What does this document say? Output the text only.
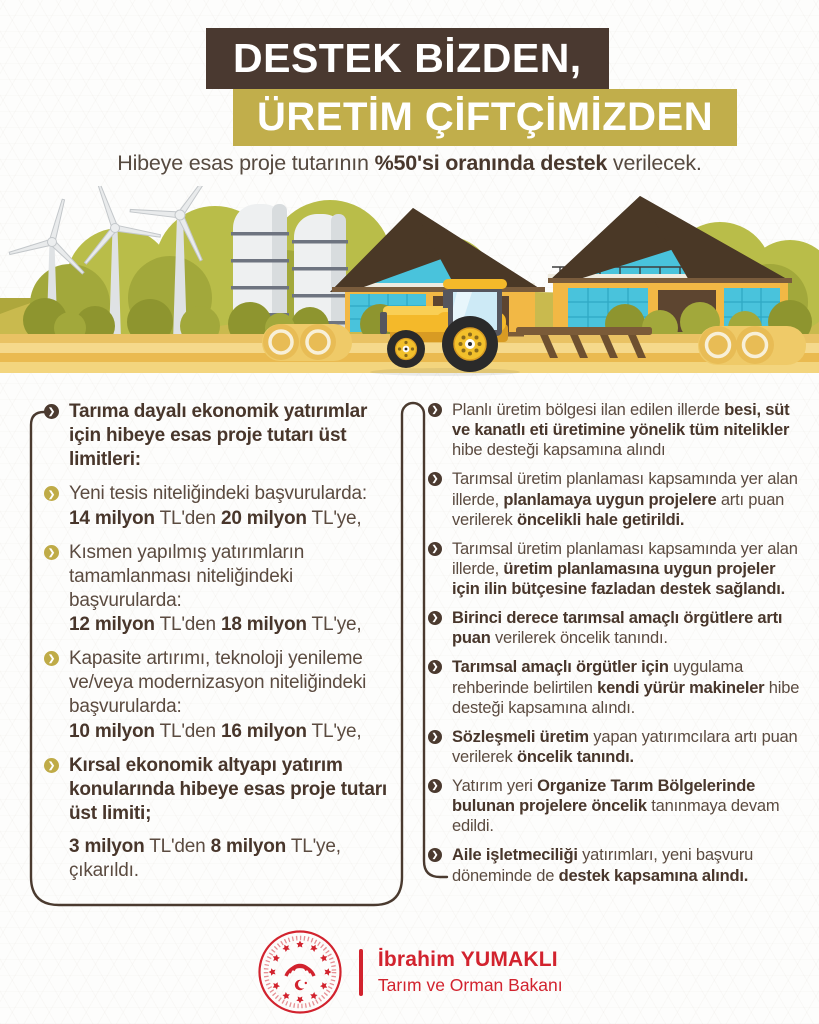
DESTEK BİZDEN,
ÜRETİM ÇİFTÇİMİZDEN
Hibeye esas proje tutarının %50'si oranında destek verilecek.
❯ Tarıma dayalı ekonomik yatırımlar için hibeye esas proje tutarı üst limitleri:
❯ Yeni tesis niteliğindeki başvurularda:
14 milyon TL'den 20 milyon TL'ye,
❯ Kısmen yapılmış yatırımların tamamlanması niteliğindeki başvurularda:
12 milyon TL'den 18 milyon TL'ye,
❯ Kapasite artırımı, teknoloji yenileme ve/veya modernizasyon niteliğindeki başvurularda:
10 milyon TL'den 16 milyon TL'ye,
❯ Kırsal ekonomik altyapı yatırım konularında hibeye esas proje tutarı üst limiti;
3 milyon TL'den 8 milyon TL'ye,
çıkarıldı.
❯ Planlı üretim bölgesi ilan edilen illerde besi, süt ve kanatlı eti üretimine yönelik tüm nitelikler hibe desteği kapsamına alındı
❯ Tarımsal üretim planlaması kapsamında yer alan illerde, planlamaya uygun projelere artı puan verilerek öncelikli hale getirildi.
❯ Tarımsal üretim planlaması kapsamında yer alan illerde, üretim planlamasına uygun projeler için ilin bütçesine fazladan destek sağlandı.
❯ Birinci derece tarımsal amaçlı örgütlere artı puan verilerek öncelik tanındı.
❯ Tarımsal amaçlı örgütler için uygulama rehberinde belirtilen kendi yürür makineler hibe desteği kapsamına alındı.
❯ Sözleşmeli üretim yapan yatırımcılara artı puan verilerek öncelik tanındı.
❯ Yatırım yeri Organize Tarım Bölgelerinde bulunan projelere öncelik tanınmaya devam edildi.
❯ Aile işletmeciliği yatırımları, yeni başvuru döneminde de destek kapsamına alındı.
İbrahim YUMAKLI
Tarım ve Orman Bakanı
